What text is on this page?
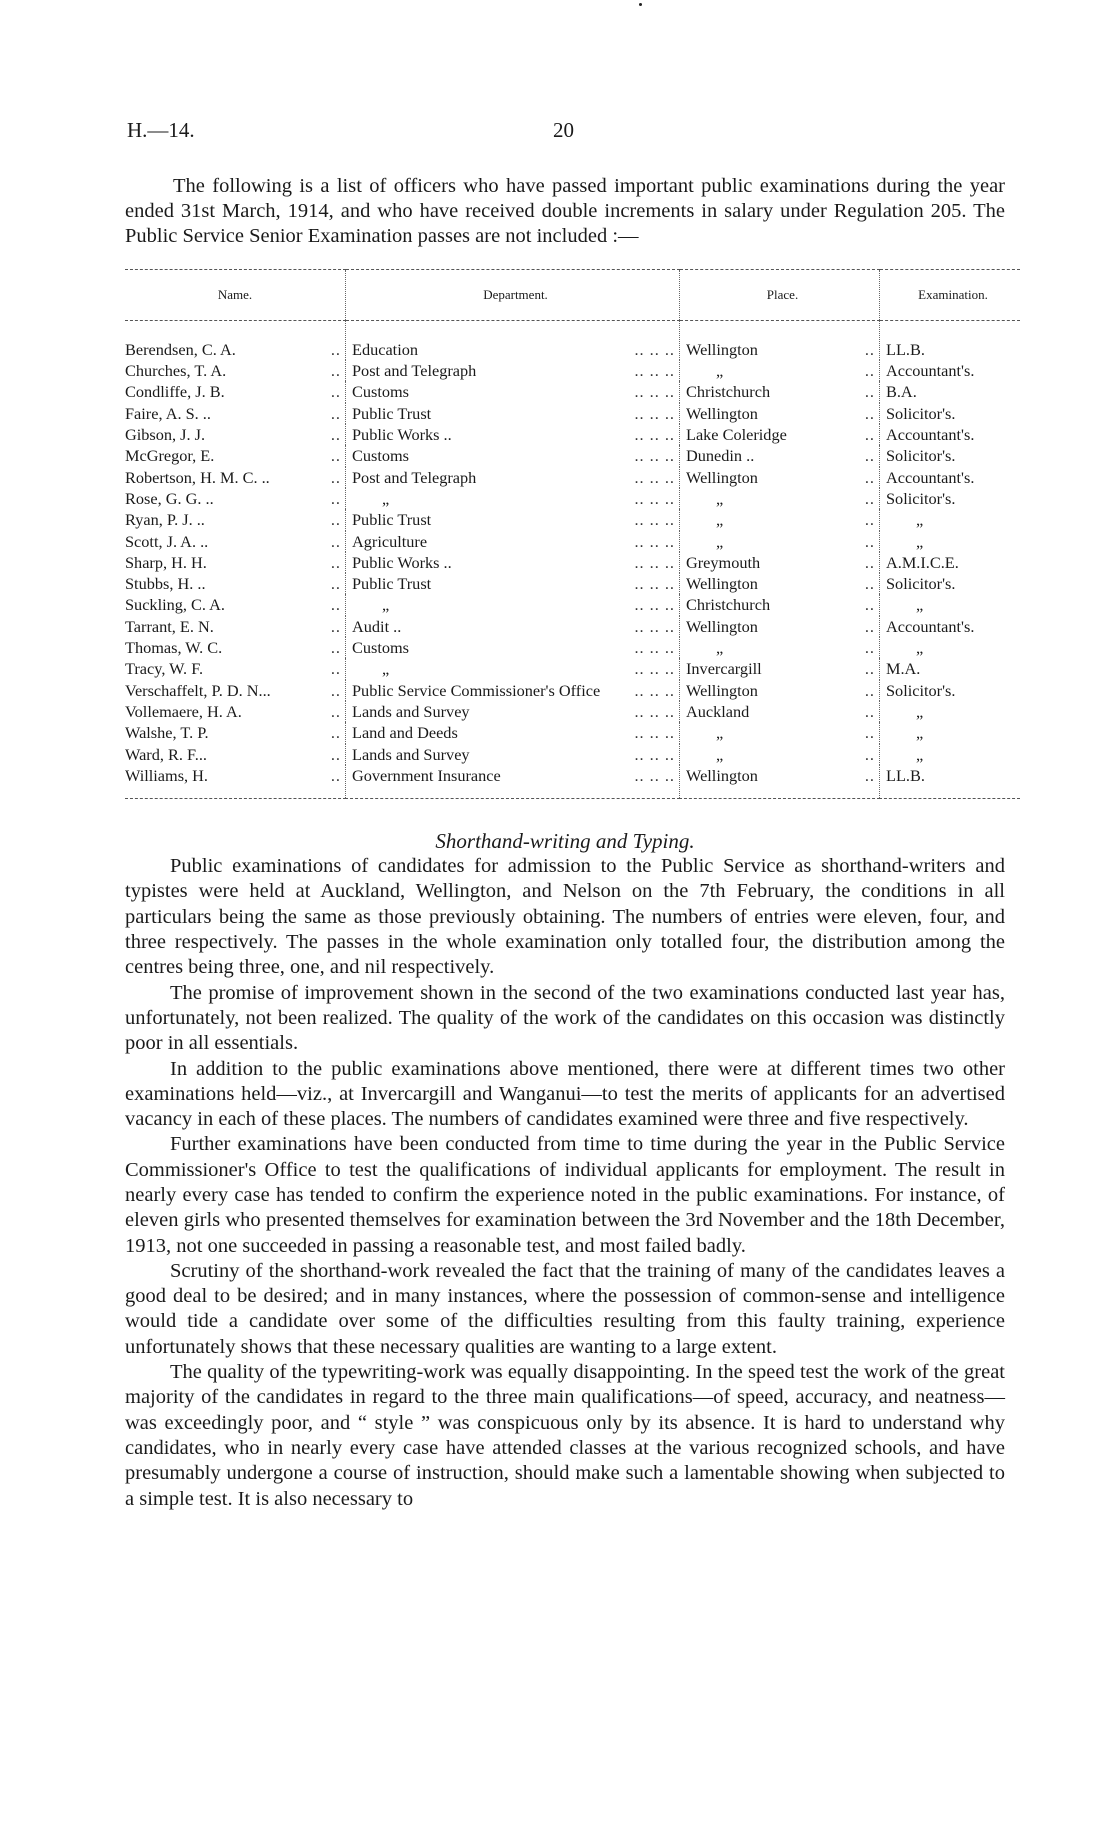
H.—14.	20

The following is a list of officers who have passed important public examinations during the year ended 31st March, 1914, and who have received double increments in salary under Regulation 205. The Public Service Senior Examination passes are not included :—

Name.	Department.	Place.	Examination.

Berendsen, C. A. ..	Education .. .. ..	Wellington ..	LL.B.

Churches, T. A. ..	Post and Telegraph .. .. ..	„ ..	Accountant's.

Condliffe, J. B. ..	Customs .. .. ..	Christchurch ..	B.A.

Faire, A. S. .. ..	Public Trust .. .. ..	Wellington ..	Solicitor's.

Gibson, J. J. ..	Public Works .. .. .. ..	Lake Coleridge ..	Accountant's.

McGregor, E. ..	Customs .. .. ..	Dunedin .. ..	Solicitor's.

Robertson, H. M. C. .. ..	Post and Telegraph .. .. ..	Wellington ..	Accountant's.

Rose, G. G. .. ..	„ .. .. ..	„ ..	Solicitor's.

Ryan, P. J. .. ..	Public Trust .. .. ..	„ ..	„

Scott, J. A. .. ..	Agriculture .. .. ..	„ ..	„

Sharp, H. H. ..	Public Works .. .. .. ..	Greymouth ..	A.M.I.C.E.

Stubbs, H. .. ..	Public Trust .. .. ..	Wellington ..	Solicitor's.

Suckling, C. A. ..	„ .. .. ..	Christchurch ..	„

Tarrant, E. N. ..	Audit .. .. .. ..	Wellington ..	Accountant's.

Thomas, W. C. ..	Customs .. .. ..	„ ..	„

Tracy, W. F. ..	„ .. .. ..	Invercargill ..	M.A.

Verschaffelt, P. D. N... ..	Public Service Commissioner's Office .. .. ..	Wellington ..	Solicitor's.

Vollemaere, H. A. ..	Lands and Survey .. .. ..	Auckland ..	„

Walshe, T. P. ..	Land and Deeds .. .. ..	„ ..	„

Ward, R. F... ..	Lands and Survey .. .. ..	„ ..	„

Williams, H. ..	Government Insurance .. .. ..	Wellington ..	LL.B.
Shorthand-writing and Typing.

Public examinations of candidates for admission to the Public Service as shorthand-writers and typistes were held at Auckland, Wellington, and Nelson on the 7th February, the conditions in all particulars being the same as those previously obtaining. The numbers of entries were eleven, four, and three respectively. The passes in the whole examination only totalled four, the distribution among the centres being three, one, and nil respectively.

The promise of improvement shown in the second of the two examinations conducted last year has, unfortunately, not been realized. The quality of the work of the candidates on this occasion was distinctly poor in all essentials.

In addition to the public examinations above mentioned, there were at different times two other examinations held—viz., at Invercargill and Wanganui—to test the merits of applicants for an advertised vacancy in each of these places. The numbers of candidates examined were three and five respectively.

Further examinations have been conducted from time to time during the year in the Public Service Commissioner's Office to test the qualifications of individual applicants for employment. The result in nearly every case has tended to confirm the experience noted in the public examinations. For instance, of eleven girls who presented themselves for examination between the 3rd November and the 18th December, 1913, not one succeeded in passing a reasonable test, and most failed badly.

Scrutiny of the shorthand-work revealed the fact that the training of many of the candidates leaves a good deal to be desired; and in many instances, where the possession of common-sense and intelligence would tide a candidate over some of the difficulties resulting from this faulty training, experience unfortunately shows that these necessary qualities are wanting to a large extent.

The quality of the typewriting-work was equally disappointing. In the speed test the work of the great majority of the candidates in regard to the three main qualifications—of speed, accuracy, and neatness—was exceedingly poor, and “ style ” was conspicuous only by its absence. It is hard to understand why candidates, who in nearly every case have attended classes at the various recognized schools, and have presumably undergone a course of instruction, should make such a lamentable showing when subjected to a simple test. It is also necessary to
